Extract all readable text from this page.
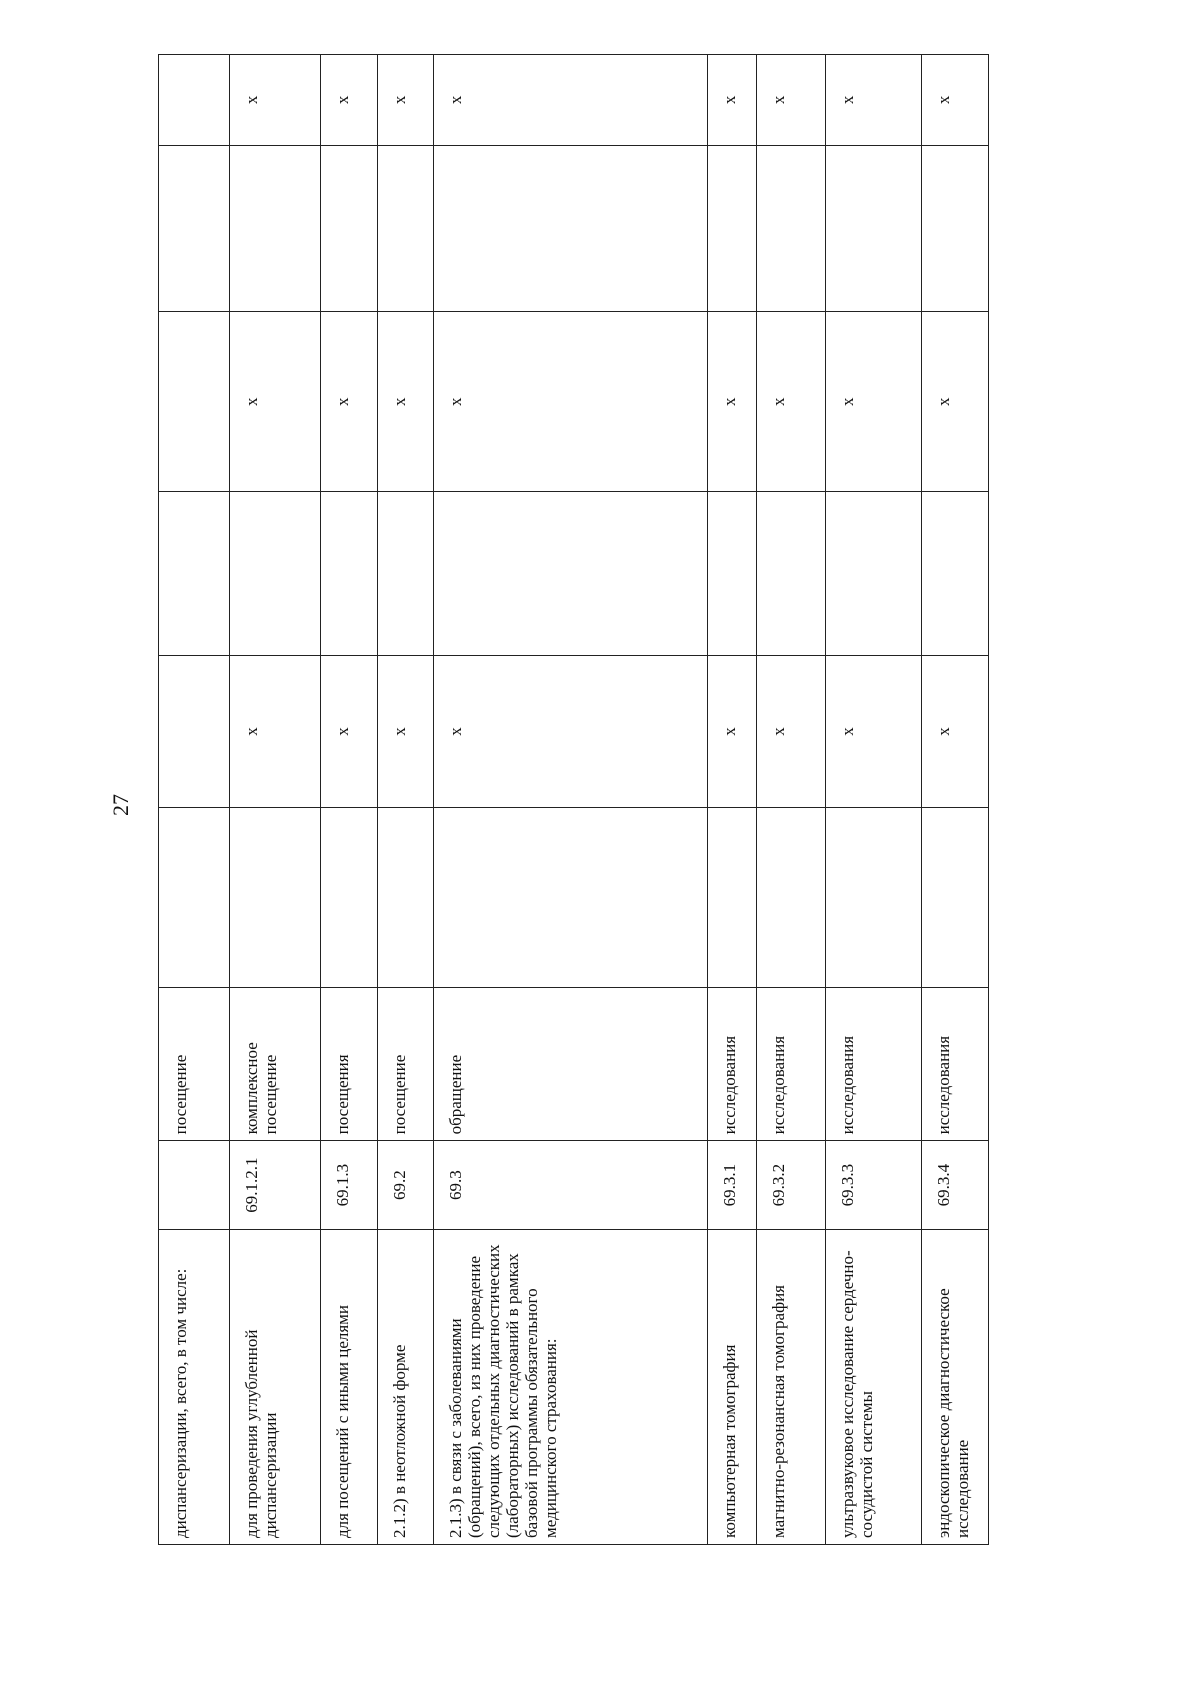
27
диспансеризации, всего, в том числе:		посещение						
для проведения углубленной диспансеризации	69.1.2.1	комплексное посещение		x		x		x

для посещений с иными целями	69.1.3	посещения		x		x		x

2.1.2) в неотложной форме	69.2	посещение		x		x		x

2.1.3) в связи с заболеваниями (обращений), всего, из них проведение следующих отдельных диагностических (лабораторных) исследований в рамках базовой программы обязательного медицинского страхования:	69.3	обращение		x		x		x

компьютерная томография	69.3.1	исследования		x		x		x

магнитно-резонансная томография	69.3.2	исследования		x		x		x

ультразвуковое исследование сердечно-сосудистой системы	69.3.3	исследования		x		x		x

эндоскопическое диагностическое исследование	69.3.4	исследования		x		x		x
